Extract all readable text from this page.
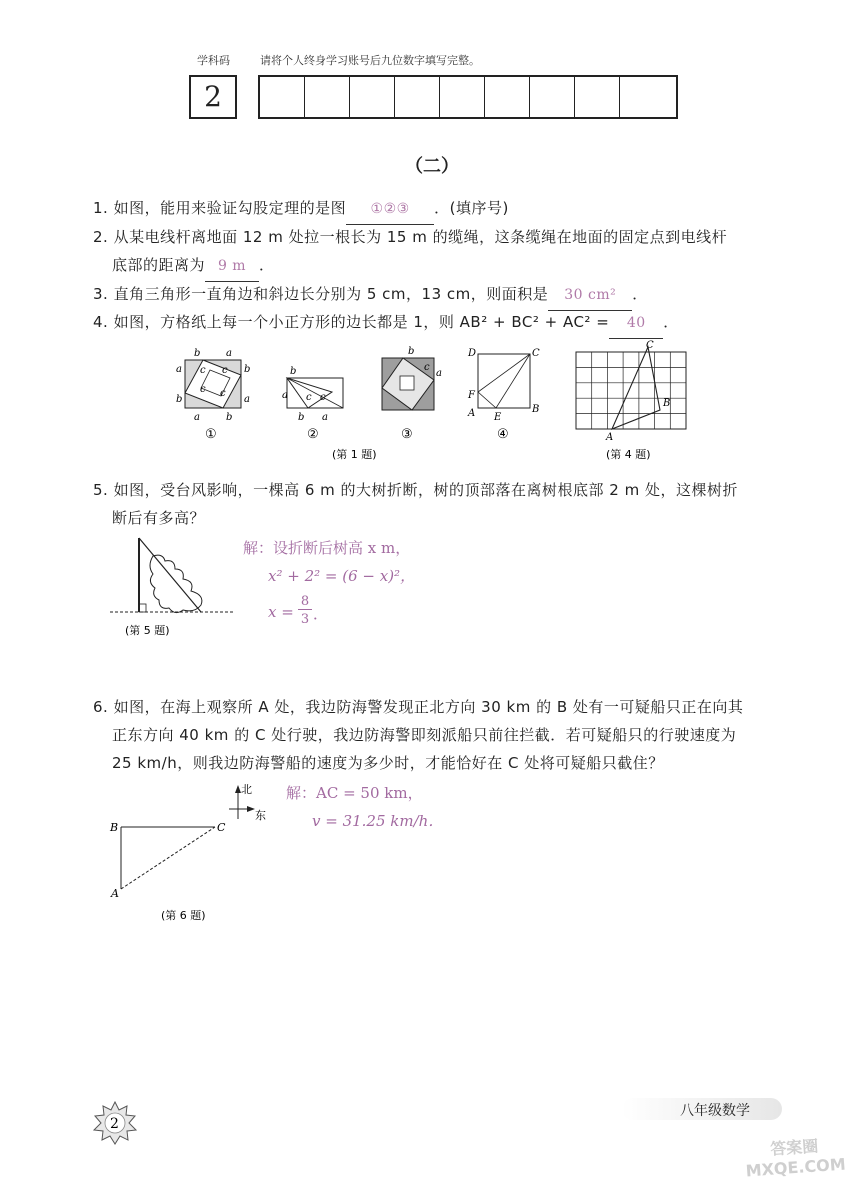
学科码	请将个人终身学习账号后九位数字填写完整。
2
（二）
1. 如图，能用来验证勾股定理的是图 ①②③ ．(填序号)
2. 从某电线杆离地面 12 m 处拉一根长为 15 m 的缆绳，这条缆绳在地面的固定点到电线杆
底部的距离为 9 m ．
3. 直角三角形一直角边和斜边长分别为 5 cm，13 cm，则面积是 30 cm² ．
4. 如图，方格纸上每一个小正方形的边长都是 1，则 AB² + BC² + AC² = 40 ．
b	a
a
b
c c
c c
b
a
a	b
①
b
c
a
b
c
a
②
b
c
a
③
D	C
F
A E
B
④
(第 1 题)
C
B
A
(第 4 题)
5. 如图，受台风影响，一棵高 6 m 的大树折断，树的顶部落在离树根底部 2 m 处，这棵树折
断后有多高？
(第 5 题)
解：设折断后树高 x m，
x² + 2² = (6 − x)²，
x =
8
3 ．
6. 如图，在海上观察所 A 处，我边防海警发现正北方向 30 km 的 B 处有一可疑船只正在向其
正东方向 40 km 的 C 处行驶，我边防海警即刻派船只前往拦截．若可疑船只的行驶速度为
25 km/h，则我边防海警船的速度为多少时，才能恰好在 C 处将可疑船只截住？
北
东
B	C
A
(第 6 题)
解：AC = 50 km，
v = 31.25 km/h．
2
八年级数学
答案圈 MXQE.COM
